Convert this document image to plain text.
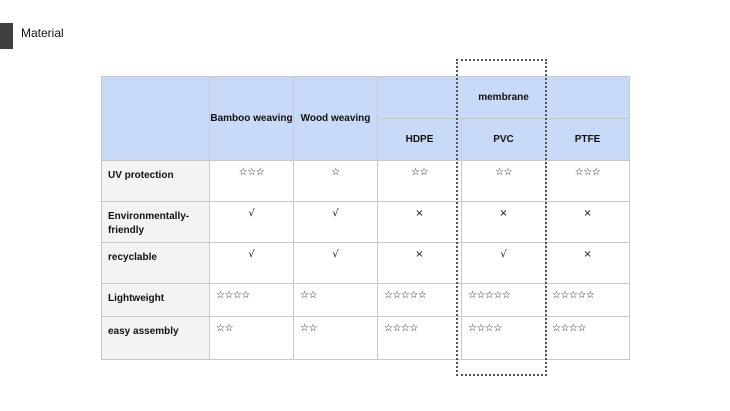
Material
	Bamboo weaving	Wood weaving	membrane		
			HDPE	PVC	PTFE

UV protection	☆☆☆	☆	☆☆	☆☆	☆☆☆

Environmentally-friendly	√	√	×	×	×

recyclable	√	√	×	√	×

Lightweight	☆☆☆☆	☆☆	☆☆☆☆☆	☆☆☆☆☆	☆☆☆☆☆

easy assembly	☆☆	☆☆	☆☆☆☆	☆☆☆☆	☆☆☆☆
